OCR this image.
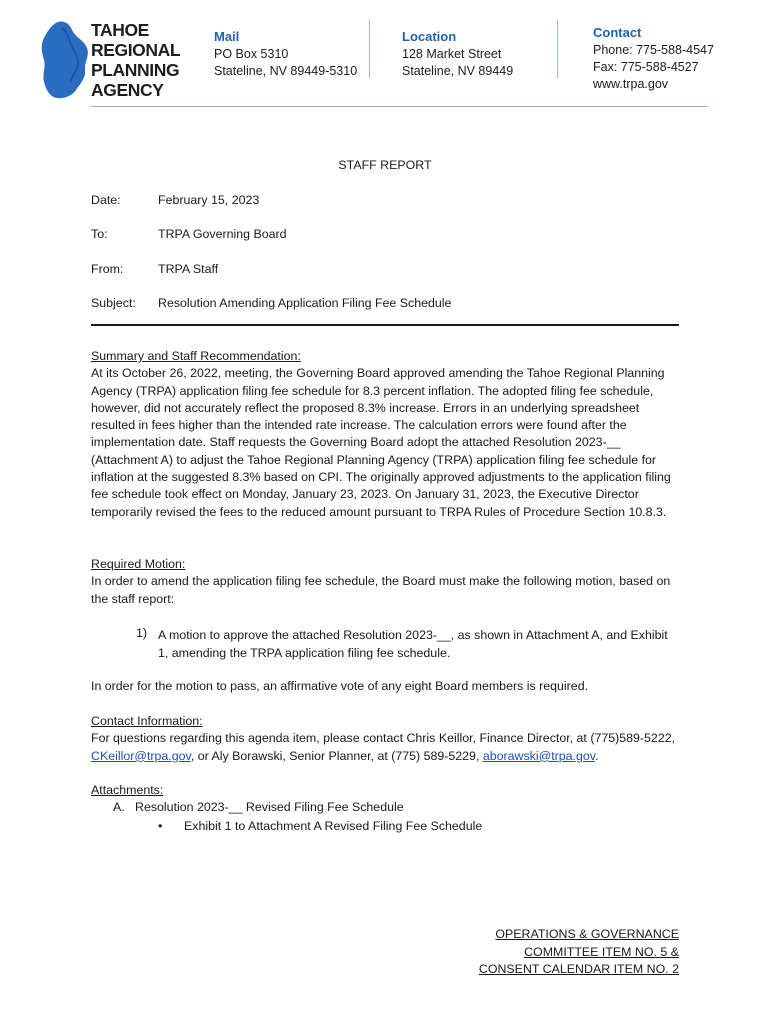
TAHOE
REGIONAL
PLANNING
AGENCY
Mail
PO Box 5310
Stateline, NV 89449-5310
Location
128 Market Street
Stateline, NV 89449
Contact
Phone: 775-588-4547
Fax: 775-588-4527
www.trpa.gov
STAFF REPORT
Date:	February 15, 2023
To:	TRPA Governing Board
From:	TRPA Staff
Subject: Resolution Amending Application Filing Fee Schedule
Summary and Staff Recommendation:
At its October 26, 2022, meeting, the Governing Board approved amending the Tahoe Regional Planning Agency (TRPA) application filing fee schedule for 8.3 percent inflation. The adopted filing fee schedule, however, did not accurately reflect the proposed 8.3% increase. Errors in an underlying spreadsheet resulted in fees higher than the intended rate increase. The calculation errors were found after the implementation date. Staff requests the Governing Board adopt the attached Resolution 2023-__ (Attachment A) to adjust the Tahoe Regional Planning Agency (TRPA) application filing fee schedule for inflation at the suggested 8.3% based on CPI. The originally approved adjustments to the application filing fee schedule took effect on Monday, January 23, 2023. On January 31, 2023, the Executive Director temporarily revised the fees to the reduced amount pursuant to TRPA Rules of Procedure Section 10.8.3.
Required Motion:
In order to amend the application filing fee schedule, the Board must make the following motion, based on the staff report:
1) A motion to approve the attached Resolution 2023-__, as shown in Attachment A, and Exhibit 1, amending the TRPA application filing fee schedule.
In order for the motion to pass, an affirmative vote of any eight Board members is required.
Contact Information:
For questions regarding this agenda item, please contact Chris Keillor, Finance Director, at (775)589-5222, CKeillor@trpa.gov, or Aly Borawski, Senior Planner, at (775) 589-5229, aborawski@trpa.gov.
Attachments:
A. Resolution 2023-__ Revised Filing Fee Schedule
• Exhibit 1 to Attachment A Revised Filing Fee Schedule
OPERATIONS & GOVERNANCE
COMMITTEE ITEM NO. 5 &
CONSENT CALENDAR ITEM NO. 2
